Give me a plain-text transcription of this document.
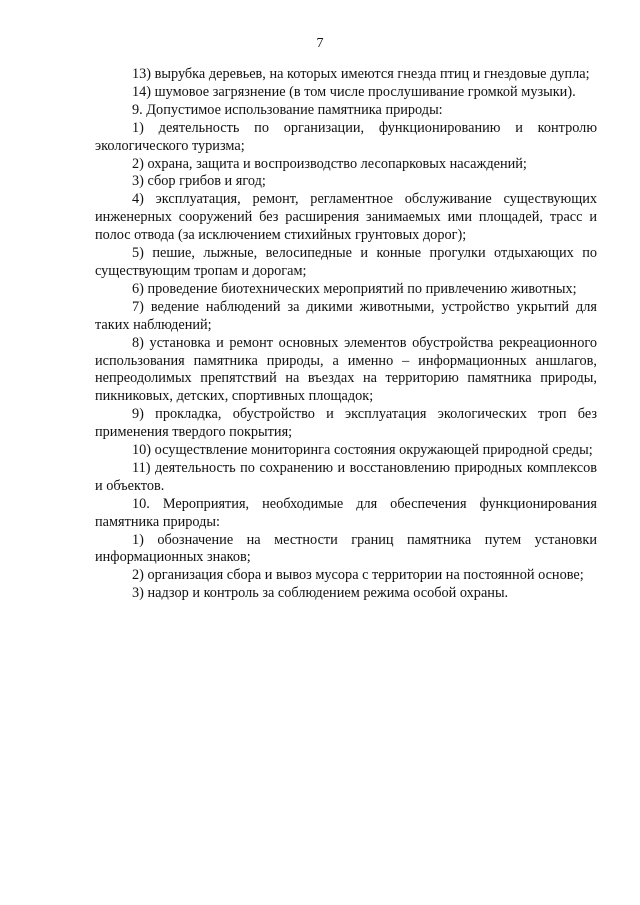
7

13) вырубка деревьев, на которых имеются гнезда птиц и гнездовые дупла;

14) шумовое загрязнение (в том числе прослушивание громкой музыки).

9. Допустимое использование памятника природы:

1) деятельность по организации, функционированию и контролю экологического туризма;

2) охрана, защита и воспроизводство лесопарковых насаждений;

3) сбор грибов и ягод;

4) эксплуатация, ремонт, регламентное обслуживание существующих инженерных сооружений без расширения занимаемых ими площадей, трасс и полос отвода (за исключением стихийных грунтовых дорог);

5) пешие, лыжные, велосипедные и конные прогулки отдыхающих по существующим тропам и дорогам;

6) проведение биотехнических мероприятий по привлечению животных;

7) ведение наблюдений за дикими животными, устройство укрытий для таких наблюдений;

8) установка и ремонт основных элементов обустройства рекреационного использования памятника природы, а именно – информационных аншлагов, непреодолимых препятствий на въездах на территорию памятника природы, пикниковых, детских, спортивных площадок;

9) прокладка, обустройство и эксплуатация экологических троп без применения твердого покрытия;

10) осуществление мониторинга состояния окружающей природной среды;

11) деятельность по сохранению и восстановлению природных комплексов и объектов.

10. Мероприятия, необходимые для обеспечения функционирования памятника природы:

1) обозначение на местности границ памятника путем установки информационных знаков;

2) организация сбора и вывоз мусора с территории на постоянной основе;

3) надзор и контроль за соблюдением режима особой охраны.
